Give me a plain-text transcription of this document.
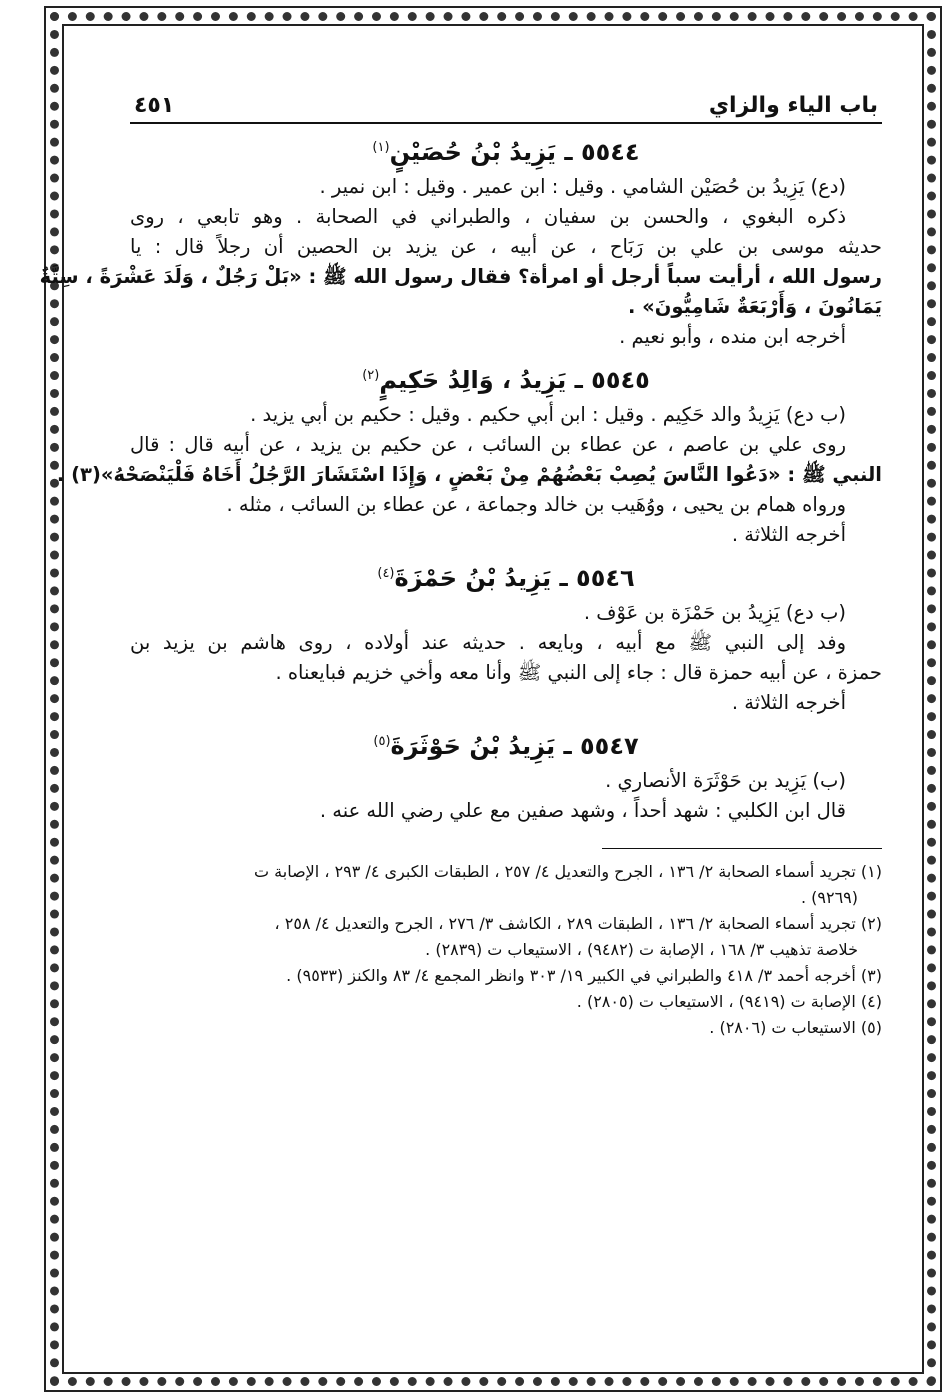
باب الياء والزاي
٤٥١
٥٥٤٤ ـ يَزِيدُ بْنُ حُصَيْنٍ$^{(١)}$

(دع) يَزِيدُ بن حُصَيْن الشامي . وقيل : ابن عمير . وقيل : ابن نمير .

ذكره البغوي ، والحسن بن سفيان ، والطبراني في الصحابة . وهو تابعي ، روى

حديثه موسى بن علي بن رَبَاح ، عن أبيه ، عن يزيد بن الحصين أن رجلاً قال : يا

رسول الله ، أرأيت سباً أرجل أو امرأة؟ فقال رسول الله ﷺ : «بَلْ رَجُلٌ ، وَلَدَ عَشْرَةً ، سِتَّةٌ

يَمَانُونَ ، وَأَرْبَعَةٌ شَامِيُّونَ» .

أخرجه ابن منده ، وأبو نعيم .

٥٥٤٥ ـ يَزِيدُ ، وَالِدُ حَكِيمٍ$^{(٢)}$

(ب دع) يَزِيدُ والد حَكِيم . وقيل : ابن أبي حكيم . وقيل : حكيم بن أبي يزيد .

روى علي بن عاصم ، عن عطاء بن السائب ، عن حكيم بن يزيد ، عن أبيه قال : قال

النبي ﷺ : «دَعُوا النَّاسَ يُصِبْ بَعْضُهُمْ مِنْ بَعْضٍ ، وَإِذَا اسْتَشَارَ الرَّجُلُ أَخَاهُ فَلْيَنْصَحْهُ»(٣) .

ورواه همام بن يحيى ، ووُهَيب بن خالد وجماعة ، عن عطاء بن السائب ، مثله .

أخرجه الثلاثة .

٥٥٤٦ ـ يَزِيدُ بْنُ حَمْزَةَ$^{(٤)}$

(ب دع) يَزِيدُ بن حَمْزَة بن عَوْف .

وفد إلى النبي ﷺ مع أبيه ، وبايعه . حديثه عند أولاده ، روى هاشم بن يزيد بن

حمزة ، عن أبيه حمزة قال : جاء إلى النبي ﷺ وأنا معه وأخي خزيم فبايعناه .

أخرجه الثلاثة .

٥٥٤٧ ـ يَزِيدُ بْنُ حَوْثَرَةَ$^{(٥)}$

(ب) يَزِيد بن حَوْثَرَة الأنصاري .

قال ابن الكلبي : شهد أحداً ، وشهد صفين مع علي رضي الله عنه .

(١) تجريد أسماء الصحابة ٢/ ١٣٦ ، الجرح والتعديل ٤/ ٢٥٧ ، الطبقات الكبرى ٤/ ٢٩٣ ، الإصابة ت

(٩٢٦٩) .

(٢) تجريد أسماء الصحابة ٢/ ١٣٦ ، الطبقات ٢٨٩ ، الكاشف ٣/ ٢٧٦ ، الجرح والتعديل ٤/ ٢٥٨ ،

خلاصة تذهيب ٣/ ١٦٨ ، الإصابة ت (٩٤٨٢) ، الاستيعاب ت (٢٨٣٩) .

(٣) أخرجه أحمد ٣/ ٤١٨ والطبراني في الكبير ١٩/ ٣٠٣ وانظر المجمع ٤/ ٨٣ والكنز (٩٥٣٣) .

(٤) الإصابة ت (٩٤١٩) ، الاستيعاب ت (٢٨٠٥) .

(٥) الاستيعاب ت (٢٨٠٦) .
